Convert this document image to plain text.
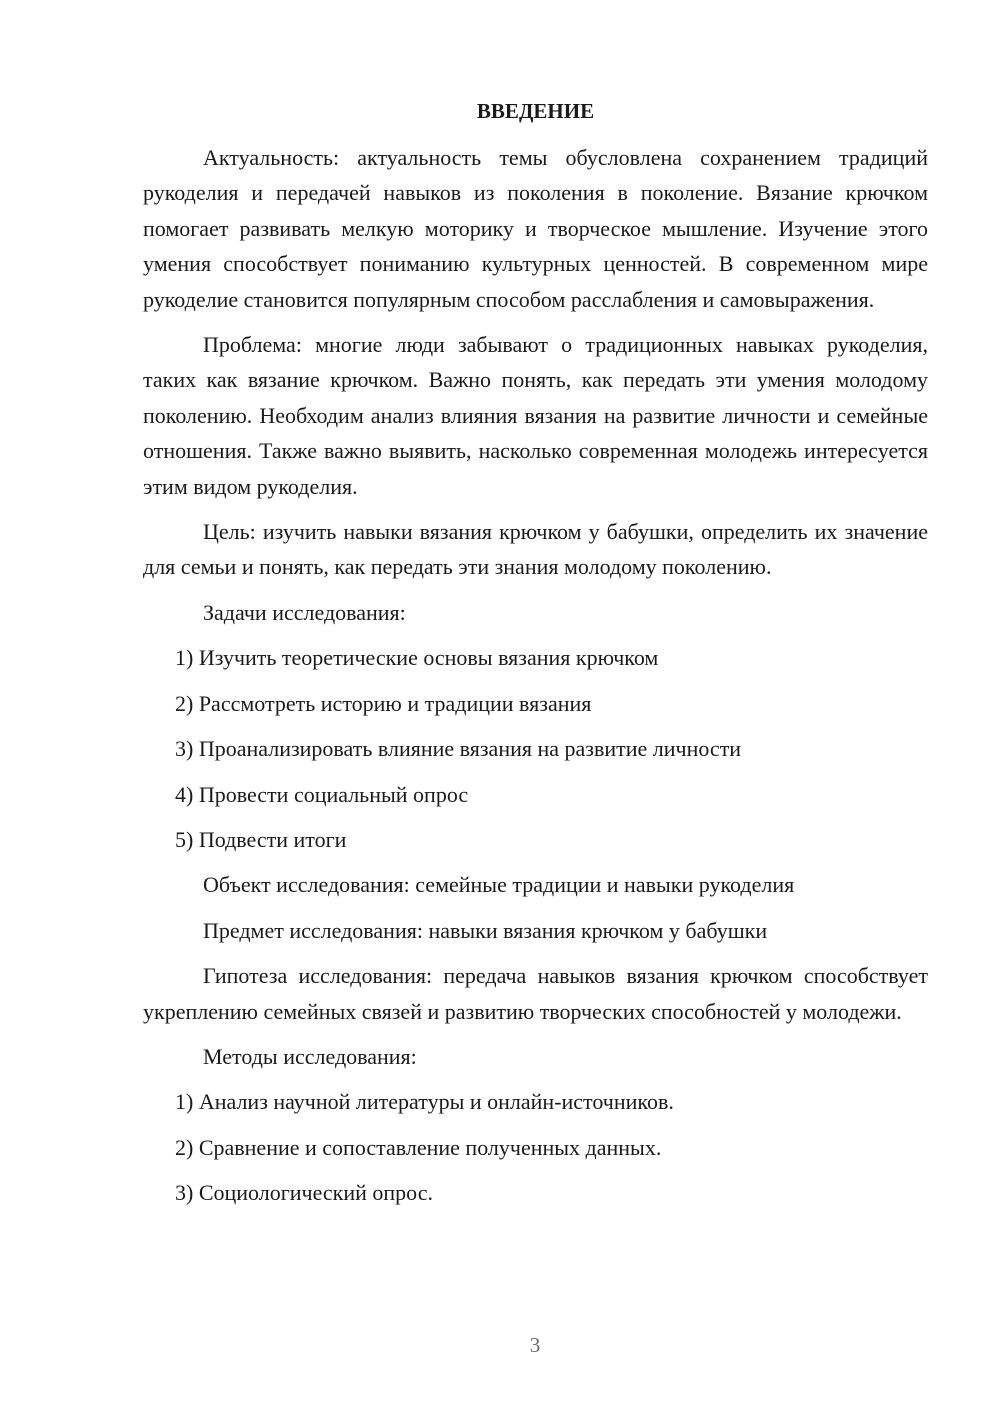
ВВЕДЕНИЕ

Актуальность: актуальность темы обусловлена сохранением традиций рукоделия и передачей навыков из поколения в поколение. Вязание крючком помогает развивать мелкую моторику и творческое мышление. Изучение этого умения способствует пониманию культурных ценностей. В современном мире рукоделие становится популярным способом расслабления и самовыражения.

Проблема: многие люди забывают о традиционных навыках рукоделия, таких как вязание крючком. Важно понять, как передать эти умения молодому поколению. Необходим анализ влияния вязания на развитие личности и семейные отношения. Также важно выявить, насколько современная молодежь интересуется этим видом рукоделия.

Цель: изучить навыки вязания крючком у бабушки, определить их значение для семьи и понять, как передать эти знания молодому поколению.

Задачи исследования:
1) Изучить теоретические основы вязания крючком
2) Рассмотреть историю и традиции вязания
3) Проанализировать влияние вязания на развитие личности
4) Провести социальный опрос
5) Подвести итоги
Объект исследования: семейные традиции и навыки рукоделия
Предмет исследования: навыки вязания крючком у бабушки

Гипотеза исследования: передача навыков вязания крючком способствует укреплению семейных связей и развитию творческих способностей у молодежи.

Методы исследования:
1) Анализ научной литературы и онлайн-источников.
2) Сравнение и сопоставление полученных данных.
3) Социологический опрос.
3
